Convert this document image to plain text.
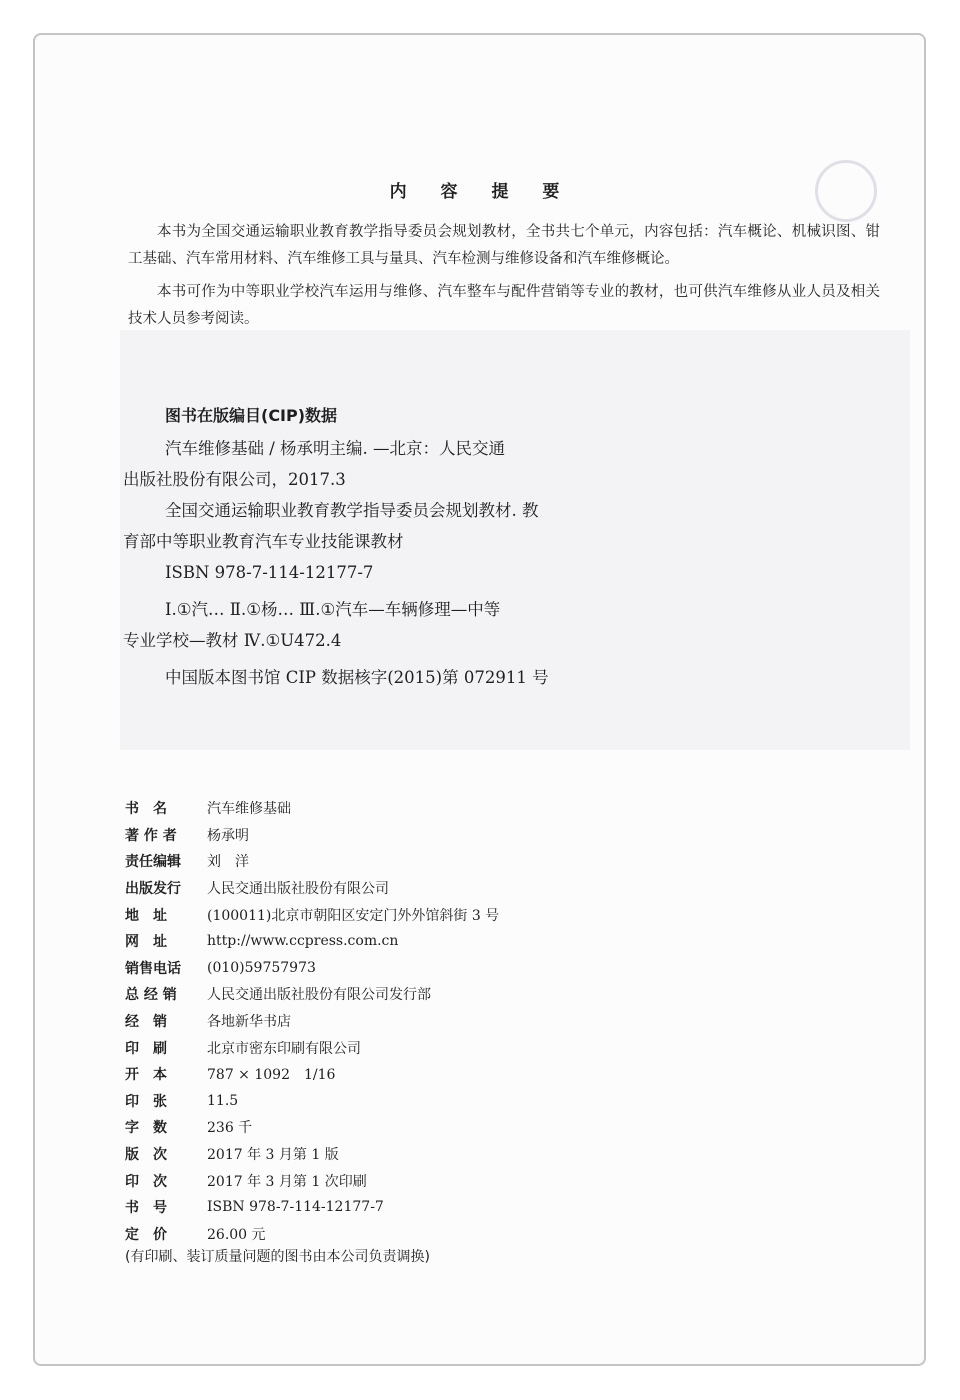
内 容 提 要
本书为全国交通运输职业教育教学指导委员会规划教材，全书共七个单元，内容包括：汽车概论、机械识图、钳工基础、汽车常用材料、汽车维修工具与量具、汽车检测与维修设备和汽车维修概论。
本书可作为中等职业学校汽车运用与维修、汽车整车与配件营销等专业的教材，也可供汽车维修从业人员及相关技术人员参考阅读。
图书在版编目(CIP)数据
汽车维修基础 / 杨承明主编. —北京：人民交通
出版社股份有限公司，2017.3
全国交通运输职业教育教学指导委员会规划教材. 教
育部中等职业教育汽车专业技能课教材
ISBN 978-7-114-12177-7
Ⅰ.①汽… Ⅱ.①杨… Ⅲ.①汽车—车辆修理—中等
专业学校—教材 Ⅳ.①U472.4
中国版本图书馆 CIP 数据核字(2015)第 072911 号
书　名	汽车维修基础
著 作 者	杨承明
责任编辑	刘　洋
出版发行	人民交通出版社股份有限公司
地　址	(100011)北京市朝阳区安定门外外馆斜街 3 号
网　址	http://www.ccpress.com.cn
销售电话	(010)59757973
总 经 销	人民交通出版社股份有限公司发行部
经　销	各地新华书店
印　刷	北京市密东印刷有限公司
开　本	787 × 1092　1/16
印　张	11.5
字　数	236 千
版　次	2017 年 3 月第 1 版
印　次	2017 年 3 月第 1 次印刷
书　号	ISBN 978-7-114-12177-7
定　价	26.00 元
(有印刷、装订质量问题的图书由本公司负责调换)
